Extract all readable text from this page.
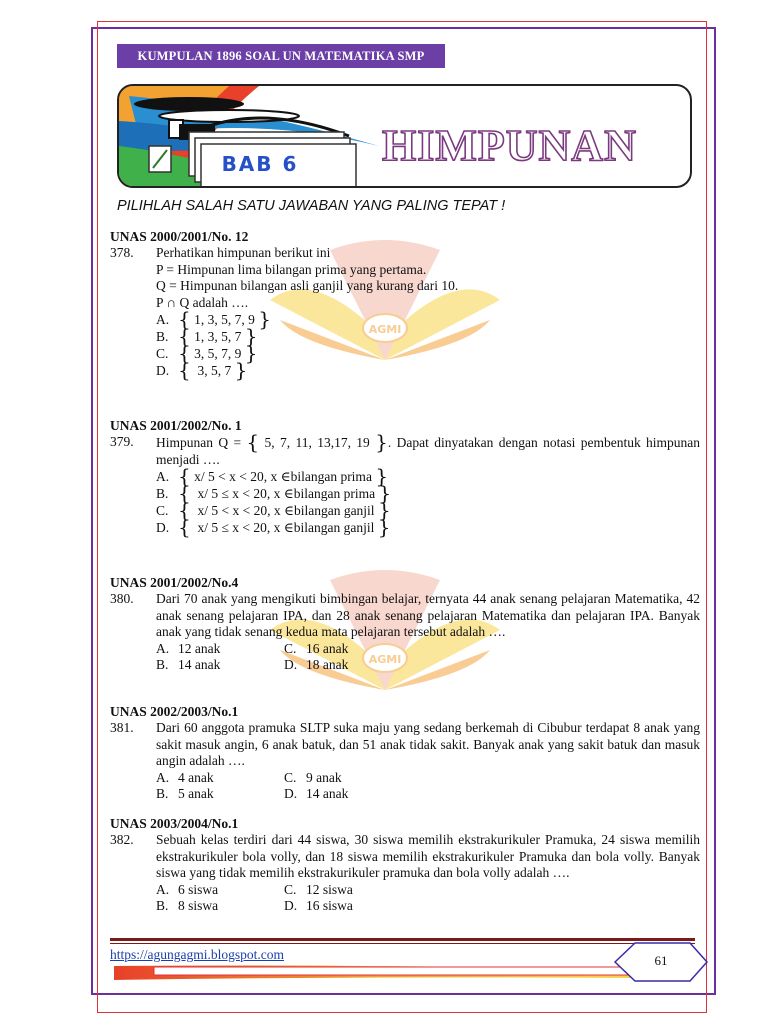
KUMPULAN 1896 SOAL UN MATEMATIKA SMP
BAB 6 HIMPUNAN
PILIHLAH SALAH SATU JAWABAN YANG PALING TEPAT !
AGMI
AGMI
UNAS 2000/2001/No. 12
378.	Perhatikan himpunan berikut ini
P = Himpunan lima bilangan prima yang pertama.
Q = Himpunan bilangan asli ganjil yang kurang dari 10.
P ∩ Q adalah ….
A. {
1, 3, 5, 7, 9
}
B. {
1, 3, 5, 7
}
C. {
3, 5, 7, 9
}
D. {
3, 5, 7
}
UNAS 2001/2002/No. 1
379.	Himpunan Q = { 5, 7, 11, 13,17, 19 }. Dapat dinyatakan dengan notasi pembentuk himpunan menjadi ….
A. {
x/ 5 < x < 20, x ∈bilangan prima
}
B. {
x/ 5 ≤ x < 20, x ∈bilangan prima
}
C. {
x/ 5 < x < 20, x ∈bilangan ganjil
}
D. {
x/ 5 ≤ x < 20, x ∈bilangan ganjil
}
UNAS 2001/2002/No.4
380.	Dari 70 anak yang mengikuti bimbingan belajar, ternyata 44 anak senang pelajaran Matematika, 42 anak senang pelajaran IPA, dan 28 anak senang pelajaran Matematika dan pelajaran IPA. Banyak anak yang tidak senang kedua mata pelajaran tersebut adalah ….
A. 12 anak	C. 16 anak
B. 14 anak	D. 18 anak
UNAS 2002/2003/No.1
381.	Dari 60 anggota pramuka SLTP suka maju yang sedang berkemah di Cibubur terdapat 8 anak yang sakit masuk angin, 6 anak batuk, dan 51 anak tidak sakit. Banyak anak yang sakit batuk dan masuk angin adalah ….
A. 4 anak	C. 9 anak
B. 5 anak	D. 14 anak
UNAS 2003/2004/No.1
382.	Sebuah kelas terdiri dari 44 siswa, 30 siswa memilih ekstrakurikuler Pramuka, 24 siswa memilih ekstrakurikuler bola volly, dan 18 siswa memilih ekstrakurikuler Pramuka dan bola volly. Banyak siswa yang tidak memilih ekstrakurikuler pramuka dan bola volly adalah ….
A. 6 siswa	C. 12 siswa
B. 8 siswa	D. 16 siswa
https://agungagmi.blogspot.com	61
